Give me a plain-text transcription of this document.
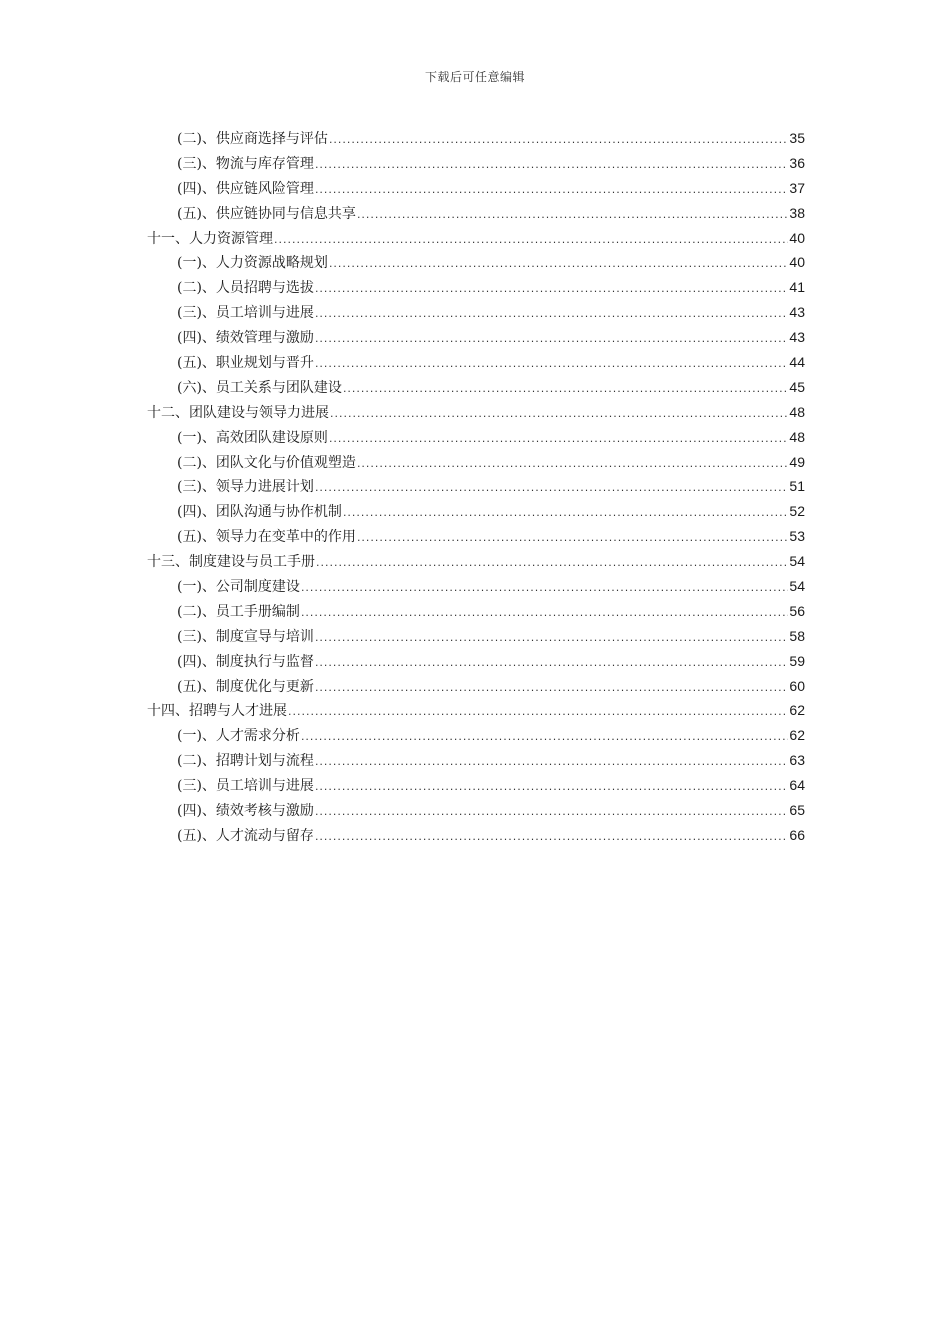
下载后可任意编辑
(二)、供应商选择与评估 .....	35
(三)、物流与库存管理 .....	36
(四)、供应链风险管理 .....	37
(五)、供应链协同与信息共享 .....	38
十一、人力资源管理 .....	40
(一)、人力资源战略规划 .....	40
(二)、人员招聘与选拔 .....	41
(三)、员工培训与进展 .....	43
(四)、绩效管理与激励 .....	43
(五)、职业规划与晋升 .....	44
(六)、员工关系与团队建设 .....	45
十二、团队建设与领导力进展 .....	48
(一)、高效团队建设原则 .....	48
(二)、团队文化与价值观塑造 .....	49
(三)、领导力进展计划 .....	51
(四)、团队沟通与协作机制 .....	52
(五)、领导力在变革中的作用 .....	53
十三、制度建设与员工手册 .....	54
(一)、公司制度建设 .....	54
(二)、员工手册编制 .....	56
(三)、制度宣导与培训 .....	58
(四)、制度执行与监督 .....	59
(五)、制度优化与更新 .....	60
十四、招聘与人才进展 .....	62
(一)、人才需求分析 .....	62
(二)、招聘计划与流程 .....	63
(三)、员工培训与进展 .....	64
(四)、绩效考核与激励 .....	65
(五)、人才流动与留存 .....	66
